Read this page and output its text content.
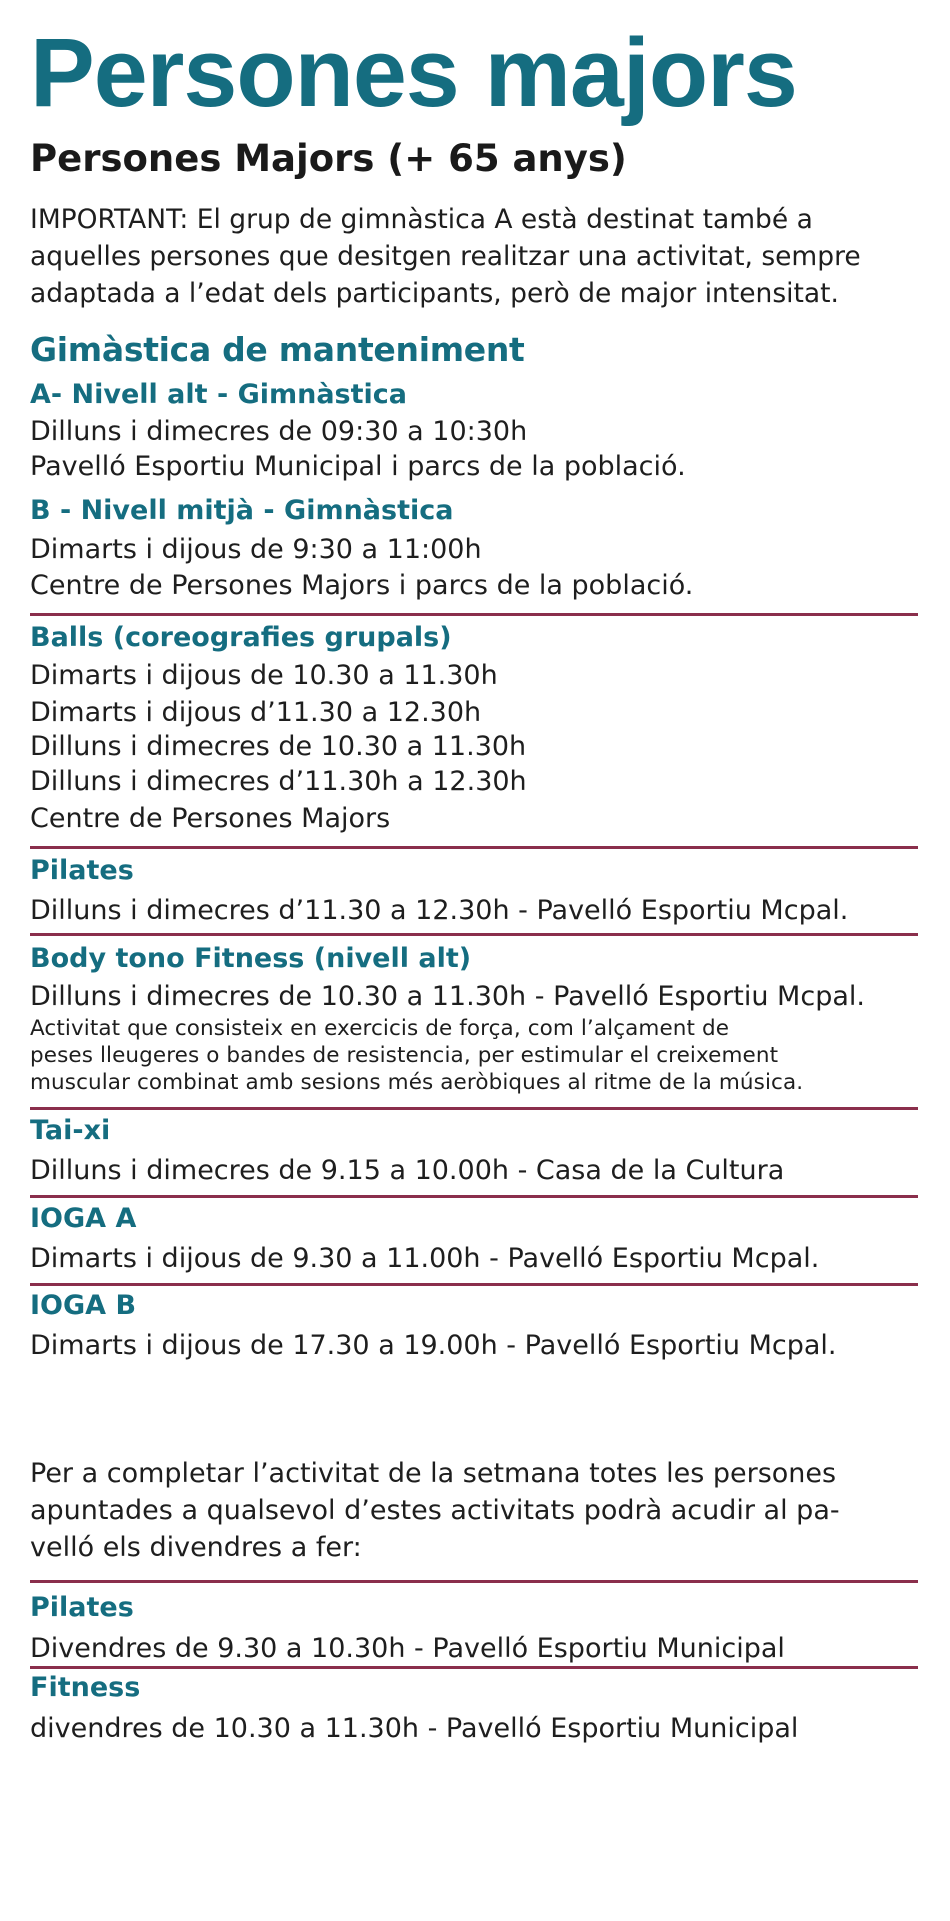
Persones majors
Persones Majors (+ 65 anys)

IMPORTANT: El grup de gimnàstica A està destinat també a aquelles persones que desitgen realitzar una activitat, sempre adaptada a l’edat dels participants, però de major intensitat.

Gimàstica de manteniment
A- Nivell alt - Gimnàstica
Dilluns i dimecres de 09:30 a 10:30h
Pavelló Esportiu Municipal i parcs de la població.
B - Nivell mitjà - Gimnàstica
Dimarts i dijous de 9:30 a 11:00h
Centre de Persones Majors i parcs de la població.
Balls (coreografies grupals)
Dimarts i dijous de 10.30 a 11.30h
Dimarts i dijous d’11.30 a 12.30h
Dilluns i dimecres de 10.30 a 11.30h
Dilluns i dimecres d’11.30h a 12.30h
Centre de Persones Majors
Pilates
Dilluns i dimecres d’11.30 a 12.30h - Pavelló Esportiu Mcpal.
Body tono Fitness (nivell alt)
Dilluns i dimecres de 10.30 a 11.30h - Pavelló Esportiu Mcpal.
Activitat que consisteix en exercicis de força, com l’alçament de
peses lleugeres o bandes de resistencia, per estimular el creixement
muscular combinat amb sesions més aeròbiques al ritme de la música.
Tai-xi
Dilluns i dimecres de 9.15 a 10.00h - Casa de la Cultura
IOGA A
Dimarts i dijous de 9.30 a 11.00h - Pavelló Esportiu Mcpal.
IOGA B
Dimarts i dijous de 17.30 a 19.00h - Pavelló Esportiu Mcpal.
Per a completar l’activitat de la setmana totes les persones
apuntades a qualsevol d’estes activitats podrà acudir al pa-
velló els divendres a fer:
Pilates
Divendres de 9.30 a 10.30h - Pavelló Esportiu Municipal
Fitness
divendres de 10.30 a 11.30h - Pavelló Esportiu Municipal
